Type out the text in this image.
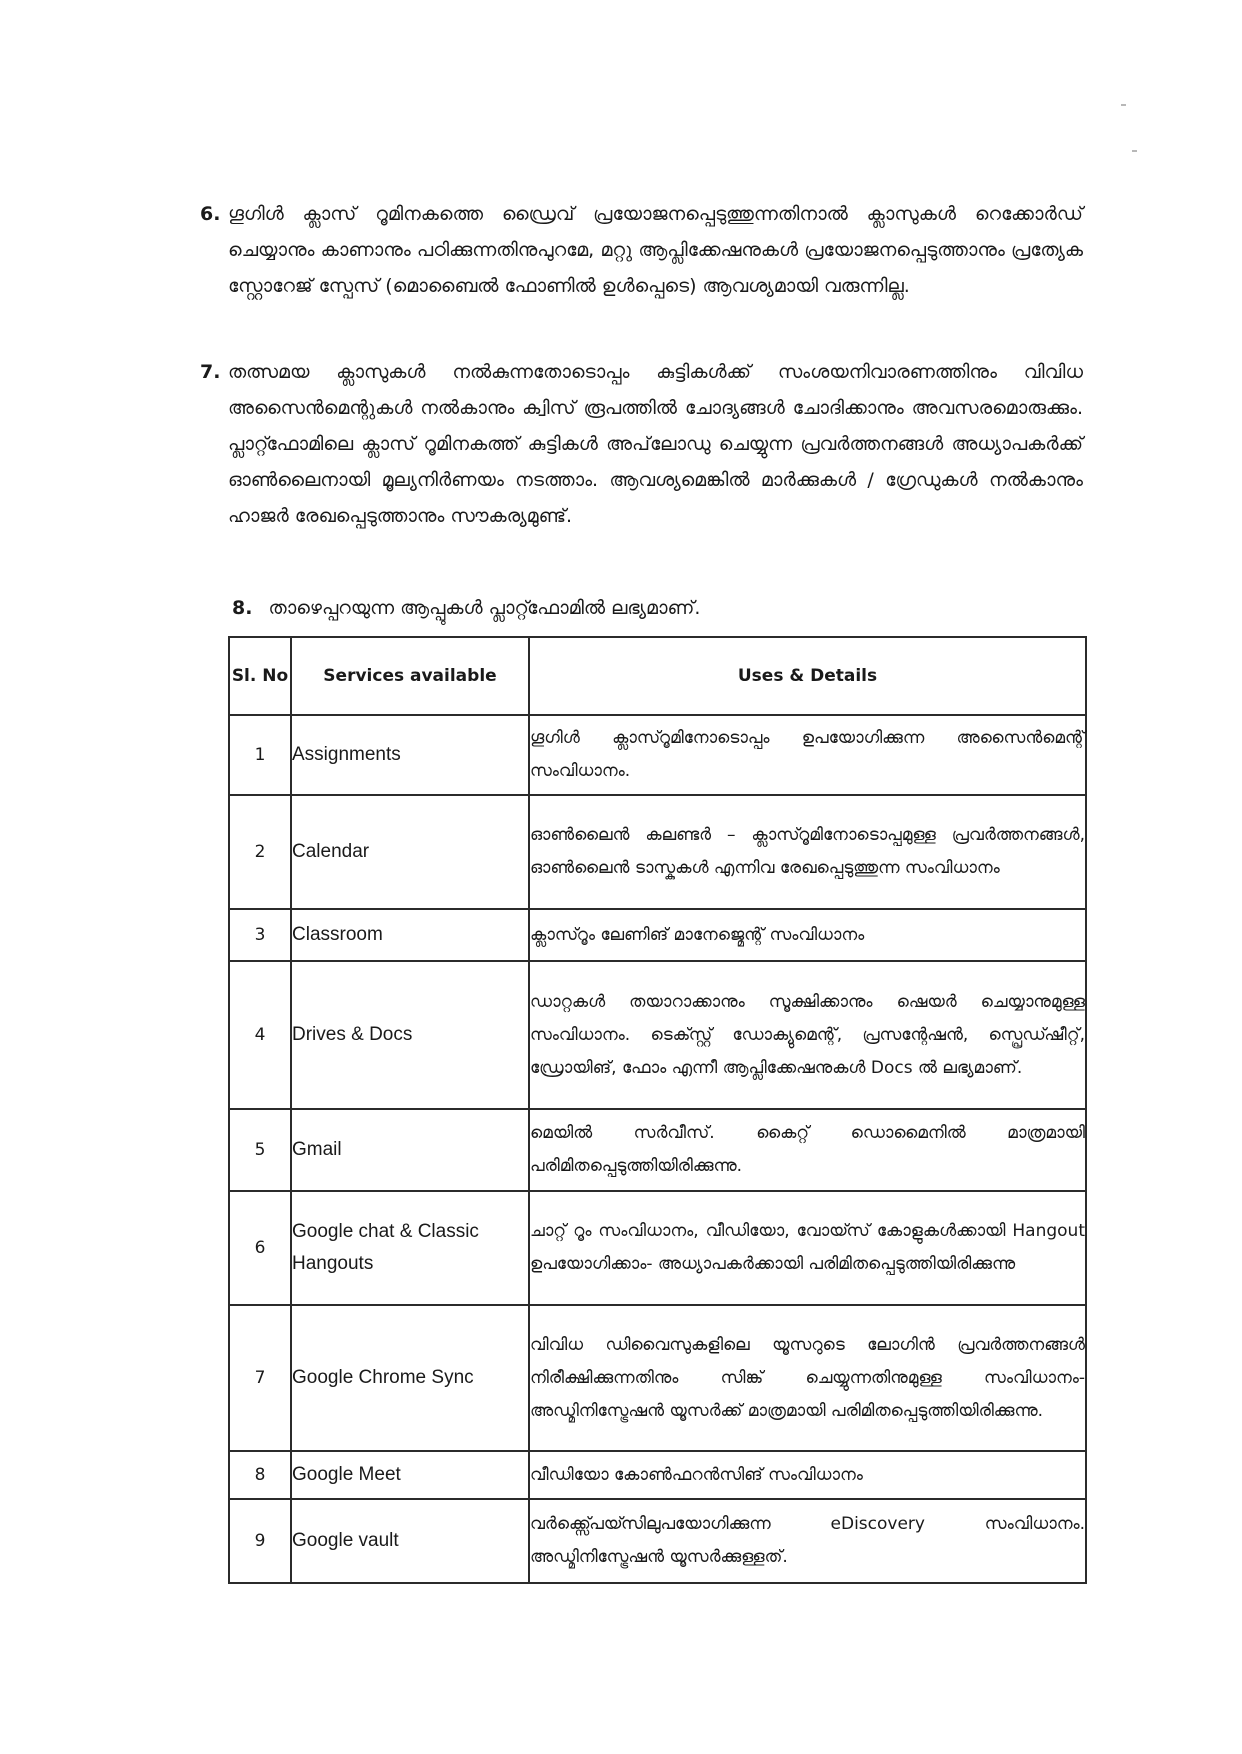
6. ഗൂഗിൾ ക്ലാസ് റൂമിനകത്തെ ഡ്രൈവ് പ്രയോജനപ്പെടുത്തുന്നതിനാൽ ക്ലാസുകൾ റെക്കോർഡ് ചെയ്യാനും കാണാനും പഠിക്കുന്നതിനുപുറമേ, മറ്റു ആപ്ലിക്കേഷനുകൾ പ്രയോജനപ്പെടുത്താനും പ്രത്യേക സ്റ്റോറേജ് സ്പേസ് (മൊബൈൽ ഫോണിൽ ഉൾപ്പെടെ) ആവശ്യമായി വരുന്നില്ല.
7. തത്സമയ ക്ലാസുകൾ നൽകുന്നതോടൊപ്പം കുട്ടികൾക്ക് സംശയനിവാരണത്തിനും വിവിധ അസൈൻമെന്റുകൾ നൽകാനും ക്വിസ് രൂപത്തിൽ ചോദ്യങ്ങൾ ചോദിക്കാനും അവസരമൊരുക്കും. പ്ലാറ്റ്ഫോമിലെ ക്ലാസ് റൂമിനകത്ത് കുട്ടികൾ അപ്‌ലോഡു ചെയ്യുന്ന പ്രവർത്തനങ്ങൾ അധ്യാപകർക്ക് ഓൺലൈനായി മൂല്യനിർണയം നടത്താം. ആവശ്യമെങ്കിൽ മാർക്കുകൾ / ഗ്രേഡുകൾ നൽകാനും ഹാജർ രേഖപ്പെടുത്താനും സൗകര്യമുണ്ട്.
8. താഴെപ്പറയുന്ന ആപ്പുകൾ പ്ലാറ്റ്ഫോമിൽ ലഭ്യമാണ്.
Sl. No	Services available	Uses & Details
1	Assignments	ഗൂഗിൾ ക്ലാസ്റൂമിനോടൊപ്പം ഉപയോഗിക്കുന്ന അസൈൻമെന്റ് സംവിധാനം.
2	Calendar	ഓൺലൈൻ കലണ്ടർ – ക്ലാസ്റൂമിനോടൊപ്പമുള്ള പ്രവർത്തനങ്ങൾ, ഓൺലൈൻ ടാസ്കുകൾ എന്നിവ രേഖപ്പെടുത്തുന്ന സംവിധാനം
3	Classroom	ക്ലാസ്റൂം ലേണിങ് മാനേജ്മെന്റ് സംവിധാനം
4	Drives & Docs	ഡാറ്റകൾ തയാറാക്കാനും സൂക്ഷിക്കാനും ഷെയർ ചെയ്യാനുമുള്ള സംവിധാനം. ടെക്സ്റ്റ് ഡോക്യുമെന്റ്, പ്രസന്റേഷൻ, സ്പ്രെഡ്ഷീറ്റ്, ഡ്രോയിങ്, ഫോം എന്നീ ആപ്ലിക്കേഷനുകൾ Docs ൽ ലഭ്യമാണ്.
5	Gmail	മെയിൽ സർവീസ്. കൈറ്റ് ഡൊമൈനിൽ മാത്രമായി പരിമിതപ്പെടുത്തിയിരിക്കുന്നു.
6	Google chat & Classic Hangouts	ചാറ്റ് റൂം സംവിധാനം, വീഡിയോ, വോയ്സ് കോളുകൾക്കായി Hangout ഉപയോഗിക്കാം- അധ്യാപകർക്കായി പരിമിതപ്പെടുത്തിയിരിക്കുന്നു
7	Google Chrome Sync	വിവിധ ഡിവൈസുകളിലെ യൂസറുടെ ലോഗിൻ പ്രവർത്തനങ്ങൾ നിരീക്ഷിക്കുന്നതിനും സിങ്ക് ചെയ്യുന്നതിനുമുള്ള സംവിധാനം- അഡ്മിനിസ്ട്രേഷൻ യൂസർക്ക് മാത്രമായി പരിമിതപ്പെടുത്തിയിരിക്കുന്നു.
8	Google Meet	വീഡിയോ കോൺഫറൻസിങ് സംവിധാനം
9	Google vault	വർക്ക്സ്പെയ്സിലുപയോഗിക്കുന്ന eDiscovery സംവിധാനം. അഡ്മിനിസ്ട്രേഷൻ യൂസർക്കുള്ളത്.
